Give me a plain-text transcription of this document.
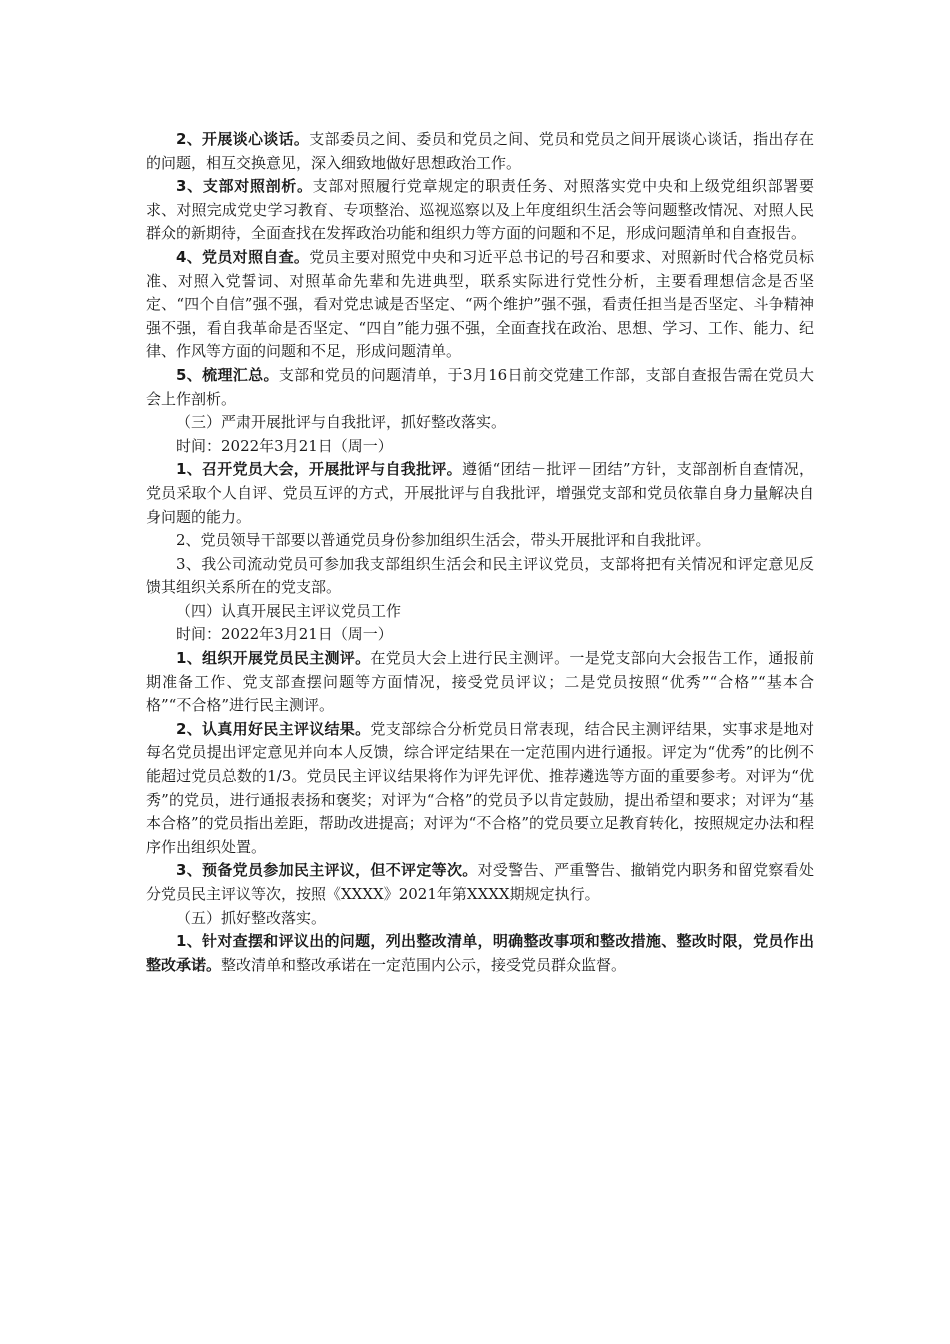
2、开展谈心谈话。支部委员之间、委员和党员之间、党员和党员之间开展谈心谈话，指出存在的问题，相互交换意见，深入细致地做好思想政治工作。

3、支部对照剖析。支部对照履行党章规定的职责任务、对照落实党中央和上级党组织部署要求、对照完成党史学习教育、专项整治、巡视巡察以及上年度组织生活会等问题整改情况、对照人民群众的新期待，全面查找在发挥政治功能和组织力等方面的问题和不足，形成问题清单和自查报告。

4、党员对照自查。党员主要对照党中央和习近平总书记的号召和要求、对照新时代合格党员标准、对照入党誓词、对照革命先辈和先进典型，联系实际进行党性分析，主要看理想信念是否坚定、“四个自信”强不强，看对党忠诚是否坚定、“两个维护”强不强，看责任担当是否坚定、斗争精神强不强，看自我革命是否坚定、“四自”能力强不强，全面查找在政治、思想、学习、工作、能力、纪律、作风等方面的问题和不足，形成问题清单。

5、梳理汇总。支部和党员的问题清单，于3月16日前交党建工作部，支部自查报告需在党员大会上作剖析。

（三）严肃开展批评与自我批评，抓好整改落实。

时间：2022年3月21日（周一）

1、召开党员大会，开展批评与自我批评。遵循“团结－批评－团结”方针，支部剖析自查情况，党员采取个人自评、党员互评的方式，开展批评与自我批评，增强党支部和党员依靠自身力量解决自身问题的能力。

2、党员领导干部要以普通党员身份参加组织生活会，带头开展批评和自我批评。

3、我公司流动党员可参加我支部组织生活会和民主评议党员，支部将把有关情况和评定意见反馈其组织关系所在的党支部。

（四）认真开展民主评议党员工作

时间：2022年3月21日（周一）

1、组织开展党员民主测评。在党员大会上进行民主测评。一是党支部向大会报告工作，通报前期准备工作、党支部查摆问题等方面情况，接受党员评议；二是党员按照“优秀”“合格”“基本合格”“不合格”进行民主测评。

2、认真用好民主评议结果。党支部综合分析党员日常表现，结合民主测评结果，实事求是地对每名党员提出评定意见并向本人反馈，综合评定结果在一定范围内进行通报。评定为“优秀”的比例不能超过党员总数的1/3。党员民主评议结果将作为评先评优、推荐遴选等方面的重要参考。对评为“优秀”的党员，进行通报表扬和褒奖；对评为“合格”的党员予以肯定鼓励，提出希望和要求；对评为“基本合格”的党员指出差距，帮助改进提高；对评为“不合格”的党员要立足教育转化，按照规定办法和程序作出组织处置。

3、预备党员参加民主评议，但不评定等次。对受警告、严重警告、撤销党内职务和留党察看处分党员民主评议等次，按照《XXXX》2021年第XXXX期规定执行。

（五）抓好整改落实。

1、针对查摆和评议出的问题，列出整改清单，明确整改事项和整改措施、整改时限，党员作出整改承诺。整改清单和整改承诺在一定范围内公示，接受党员群众监督。
